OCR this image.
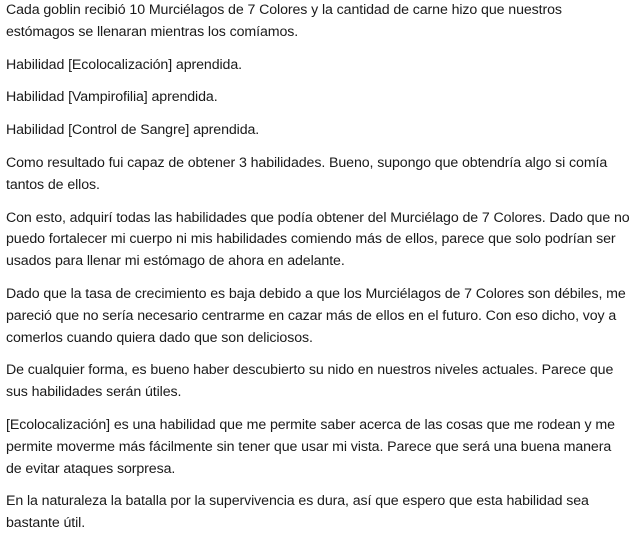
Cada goblin recibió 10 Murciélagos de 7 Colores y la cantidad de carne hizo que nuestros estómagos se llenaran mientras los comíamos.

Habilidad [Ecolocalización] aprendida.

Habilidad [Vampirofilia] aprendida.

Habilidad [Control de Sangre] aprendida.

Como resultado fui capaz de obtener 3 habilidades. Bueno, supongo que obtendría algo si comía tantos de ellos.

Con esto, adquirí todas las habilidades que podía obtener del Murciélago de 7 Colores. Dado que no puedo fortalecer mi cuerpo ni mis habilidades comiendo más de ellos, parece que solo podrían ser usados para llenar mi estómago de ahora en adelante.

Dado que la tasa de crecimiento es baja debido a que los Murciélagos de 7 Colores son débiles, me pareció que no sería necesario centrarme en cazar más de ellos en el futuro. Con eso dicho, voy a comerlos cuando quiera dado que son deliciosos.

De cualquier forma, es bueno haber descubierto su nido en nuestros niveles actuales. Parece que sus habilidades serán útiles.

[Ecolocalización] es una habilidad que me permite saber acerca de las cosas que me rodean y me permite moverme más fácilmente sin tener que usar mi vista. Parece que será una buena manera de evitar ataques sorpresa.

En la naturaleza la batalla por la supervivencia es dura, así que espero que esta habilidad sea bastante útil.
